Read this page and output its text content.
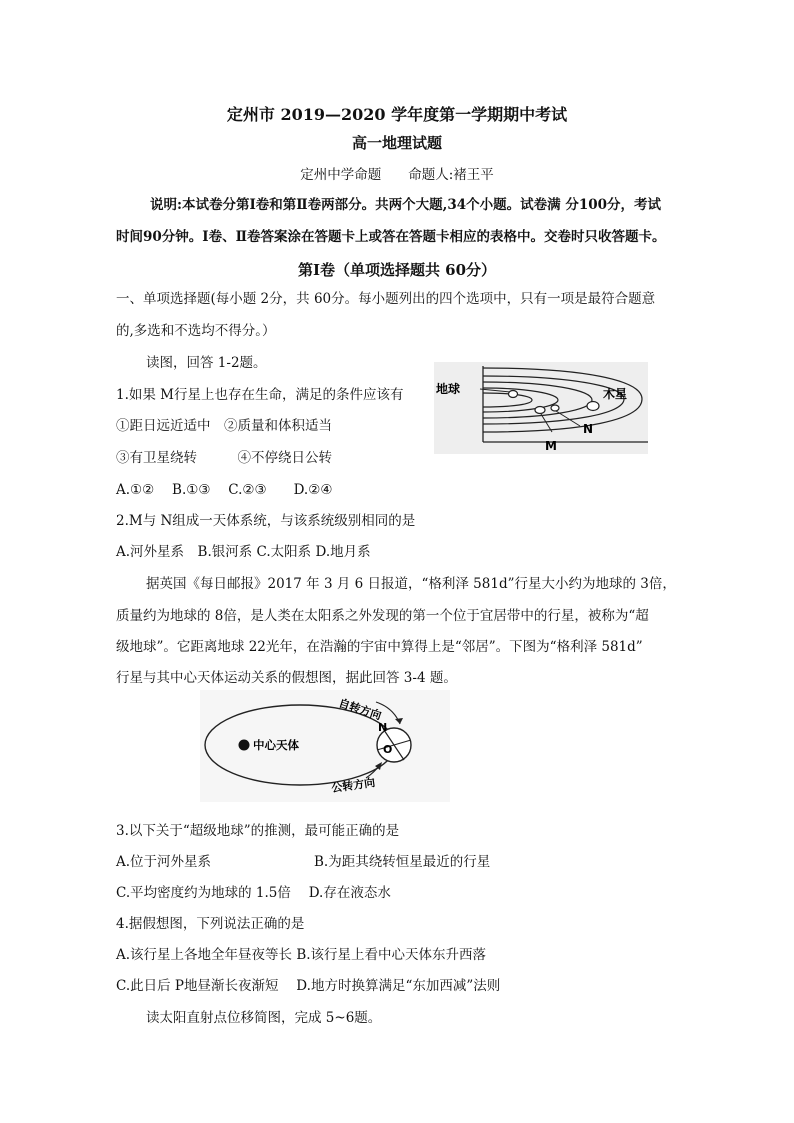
定州市 2019—2020 学年度第一学期期中考试
高一地理试题
定州中学命题　　命题人:褚王平
说明:本试卷分第Ⅰ卷和第Ⅱ卷两部分。共两个大题,34个小题。试卷满 分100分，考试
时间90分钟。Ⅰ卷、Ⅱ卷答案涂在答题卡上或答在答题卡相应的表格中。交卷时只收答题卡。
第Ⅰ卷（单项选择题共 60分）
一、单项选择题(每小题 2分，共 60分。每小题列出的四个选项中，只有一项是最符合题意
的,多选和不选均不得分。）
读图，回答 1-2题。
1.如果 M行星上也存在生命，满足的条件应该有
①距日远近适中　②质量和体积适当
③有卫星绕转　　　④不停绕日公转
A.①②　 B.①③　 C.②③　　D.②④
2.M与 N组成一天体系统，与该系统级别相同的是
A.河外星系　B.银河系 C.太阳系 D.地月系
地球	木星
N
M
据英国《每日邮报》2017 年 3 月 6 日报道，“格利泽 581d”行星大小约为地球的 3倍，
质量约为地球的 8倍，是人类在太阳系之外发现的第一个位于宜居带中的行星，被称为“超
级地球”。它距离地球 22光年，在浩瀚的宇宙中算得上是“邻居”。下图为“格利泽 581d”
行星与其中心天体运动关系的假想图，据此回答 3-4 题。
中心天体
N
O
自转方向
公转方向
3.以下关于“超级地球”的推测，最可能正确的是
A.位于河外星系	B.为距其绕转恒星最近的行星
C.平均密度约为地球的 1.5倍　 D.存在液态水
4.据假想图，下列说法正确的是
A.该行星上各地全年昼夜等长 B.该行星上看中心天体东升西落
C.此日后 P地昼渐长夜渐短　 D.地方时换算满足“东加西减”法则
读太阳直射点位移简图，完成 5~6题。
